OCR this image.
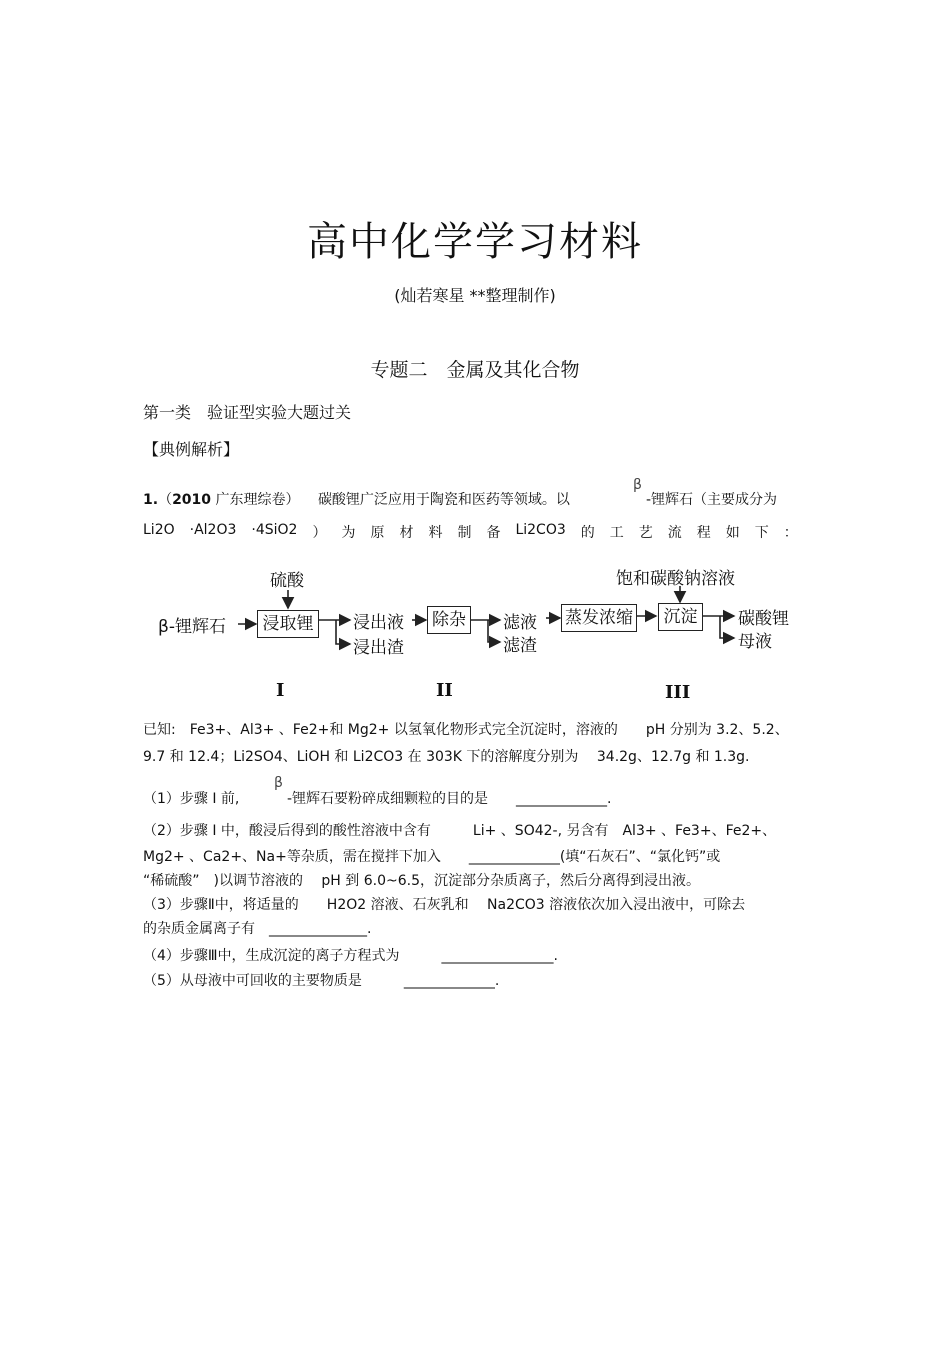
高中化学学习材料
(灿若寒星 **整理制作)
专题二　金属及其化合物
第一类　验证型实验大题过关
【典例解析】
1.（2010 广东理综卷） 碳酸锂广泛应用于陶瓷和医药等领域。以
β
-锂辉石（主要成分为
Li2O ·Al2O3 ·4SiO2 ） 为 原 材 料 制 备 Li2CO3 的 工 艺 流 程 如 下 ：
硫酸	饱和碳酸钠溶液
β-锂辉石	浸取锂	浸出液
浸出渣
除杂 滤液
滤渣
蒸发浓缩	沉淀	碳酸锂
母液
I	II	III
已知:　Fe3+、Al3+ 、Fe2+和 Mg2+ 以氢氧化物形式完全沉淀时，溶液的　　pH 分别为 3.2、5.2、
9.7 和 12.4；Li2SO4、LiOH 和 Li2CO3 在 303K 下的溶解度分别为　 34.2g、12.7g 和 1.3g.
（1）步骤 I 前,
β
-锂辉石要粉碎成细颗粒的目的是　　_____________.
（2）步骤 I 中，酸浸后得到的酸性溶液中含有　　　Li+ 、SO42-, 另含有　Al3+ 、Fe3+、Fe2+、
Mg2+ 、Ca2+、Na+等杂质，需在搅拌下加入　　_____________(填“石灰石”、“氯化钙”或
“稀硫酸”　)以调节溶液的　 pH 到 6.0~6.5，沉淀部分杂质离子，然后分离得到浸出液。
（3）步骤Ⅱ中，将适量的　　H2O2 溶液、石灰乳和　 Na2CO3 溶液依次加入浸出液中，可除去
的杂质金属离子有　______________.
（4）步骤Ⅲ中，生成沉淀的离子方程式为　　　________________.
（5）从母液中可回收的主要物质是　　　_____________.
